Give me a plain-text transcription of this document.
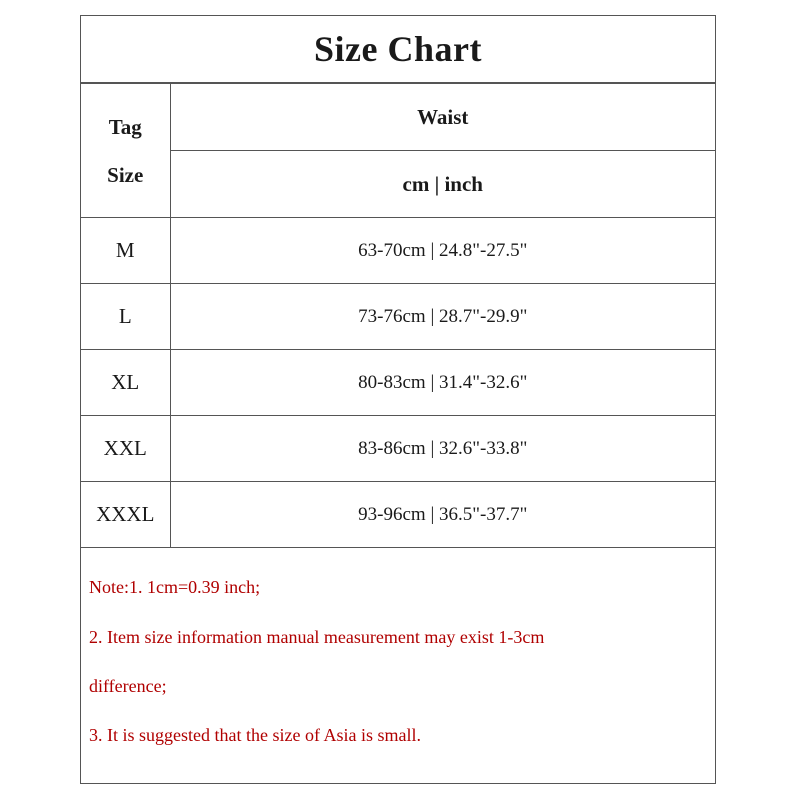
Size Chart
Tag
Size	Waist
	cm | inch
M	63-70cm | 24.8"-27.5"
L	73-76cm | 28.7"-29.9"
XL	80-83cm | 31.4"-32.6"
XXL	83-86cm | 32.6"-33.8"
XXXL	93-96cm | 36.5"-37.7"
Note:1. 1cm=0.39 inch;
2. Item size information manual measurement may exist 1-3cm
difference;
3. It is suggested that the size of Asia is small.
